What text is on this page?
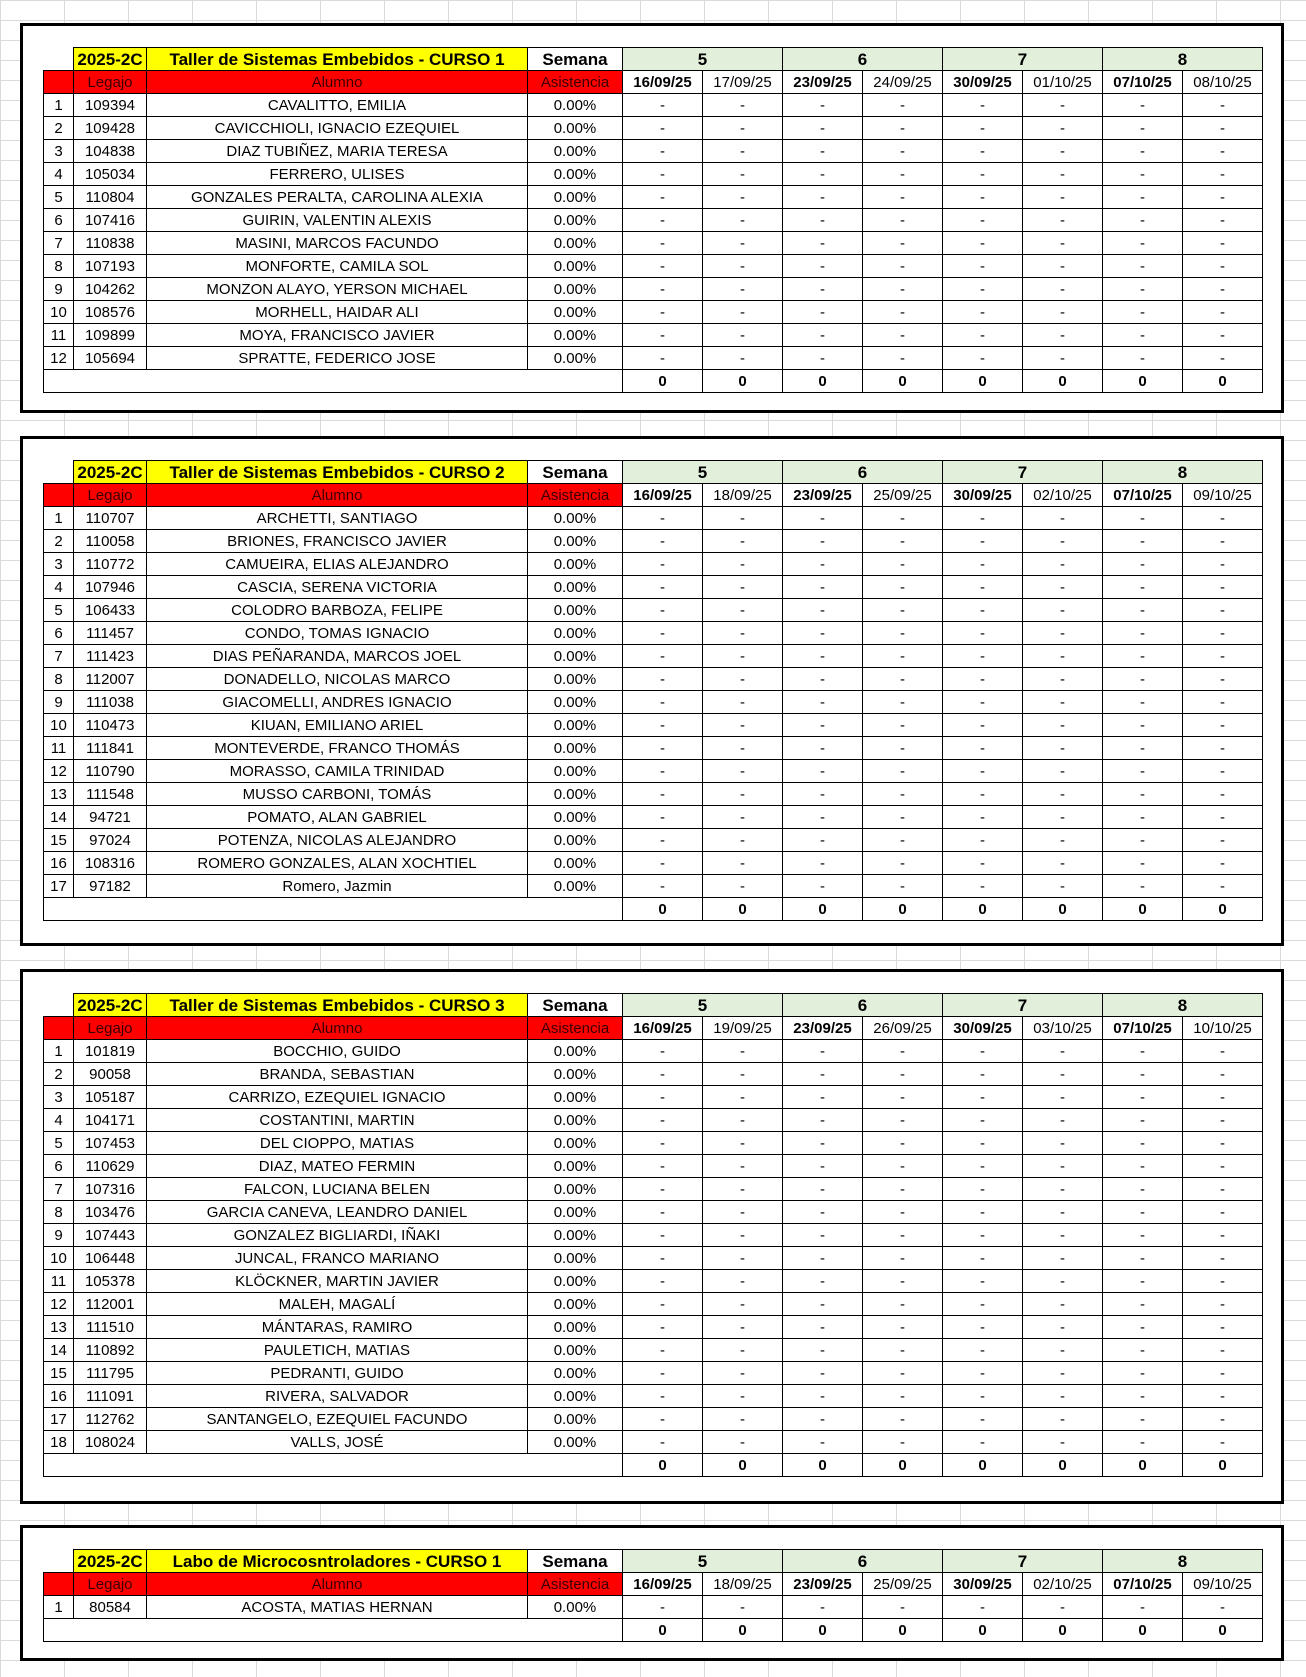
	2025-2C	Taller de Sistemas Embebidos - CURSO 1	Semana	5		6		7		8	
	Legajo	Alumno	Asistencia	16/09/25	17/09/25	23/09/25	24/09/25	30/09/25	01/10/25	07/10/25	08/10/25
1	109394	CAVALITTO, EMILIA	0.00%	-	-	-	-	-	-	-	-
2	109428	CAVICCHIOLI, IGNACIO EZEQUIEL	0.00%	-	-	-	-	-	-	-	-
3	104838	DIAZ TUBIÑEZ, MARIA TERESA	0.00%	-	-	-	-	-	-	-	-
4	105034	FERRERO, ULISES	0.00%	-	-	-	-	-	-	-	-
5	110804	GONZALES PERALTA, CAROLINA ALEXIA	0.00%	-	-	-	-	-	-	-	-
6	107416	GUIRIN, VALENTIN ALEXIS	0.00%	-	-	-	-	-	-	-	-
7	110838	MASINI, MARCOS FACUNDO	0.00%	-	-	-	-	-	-	-	-
8	107193	MONFORTE, CAMILA SOL	0.00%	-	-	-	-	-	-	-	-
9	104262	MONZON ALAYO, YERSON MICHAEL	0.00%	-	-	-	-	-	-	-	-
10	108576	MORHELL, HAIDAR ALI	0.00%	-	-	-	-	-	-	-	-
11	109899	MOYA, FRANCISCO JAVIER	0.00%	-	-	-	-	-	-	-	-
12	105694	SPRATTE, FEDERICO JOSE	0.00%	-	-	-	-	-	-	-	-
				0	0	0	0	0	0	0	0
	2025-2C	Taller de Sistemas Embebidos - CURSO 2	Semana	5		6		7		8	
	Legajo	Alumno	Asistencia	16/09/25	18/09/25	23/09/25	25/09/25	30/09/25	02/10/25	07/10/25	09/10/25
1	110707	ARCHETTI, SANTIAGO	0.00%	-	-	-	-	-	-	-	-
2	110058	BRIONES, FRANCISCO JAVIER	0.00%	-	-	-	-	-	-	-	-
3	110772	CAMUEIRA, ELIAS ALEJANDRO	0.00%	-	-	-	-	-	-	-	-
4	107946	CASCIA, SERENA VICTORIA	0.00%	-	-	-	-	-	-	-	-
5	106433	COLODRO BARBOZA, FELIPE	0.00%	-	-	-	-	-	-	-	-
6	111457	CONDO, TOMAS IGNACIO	0.00%	-	-	-	-	-	-	-	-
7	111423	DIAS PEÑARANDA, MARCOS JOEL	0.00%	-	-	-	-	-	-	-	-
8	112007	DONADELLO, NICOLAS MARCO	0.00%	-	-	-	-	-	-	-	-
9	111038	GIACOMELLI, ANDRES IGNACIO	0.00%	-	-	-	-	-	-	-	-
10	110473	KIUAN, EMILIANO ARIEL	0.00%	-	-	-	-	-	-	-	-
11	111841	MONTEVERDE, FRANCO THOMÁS	0.00%	-	-	-	-	-	-	-	-
12	110790	MORASSO, CAMILA TRINIDAD	0.00%	-	-	-	-	-	-	-	-
13	111548	MUSSO CARBONI, TOMÁS	0.00%	-	-	-	-	-	-	-	-
14	94721	POMATO, ALAN GABRIEL	0.00%	-	-	-	-	-	-	-	-
15	97024	POTENZA, NICOLAS ALEJANDRO	0.00%	-	-	-	-	-	-	-	-
16	108316	ROMERO GONZALES, ALAN XOCHTIEL	0.00%	-	-	-	-	-	-	-	-
17	97182	Romero, Jazmin	0.00%	-	-	-	-	-	-	-	-
				0	0	0	0	0	0	0	0
	2025-2C	Taller de Sistemas Embebidos - CURSO 3	Semana	5		6		7		8	
	Legajo	Alumno	Asistencia	16/09/25	19/09/25	23/09/25	26/09/25	30/09/25	03/10/25	07/10/25	10/10/25
1	101819	BOCCHIO, GUIDO	0.00%	-	-	-	-	-	-	-	-
2	90058	BRANDA, SEBASTIAN	0.00%	-	-	-	-	-	-	-	-
3	105187	CARRIZO, EZEQUIEL IGNACIO	0.00%	-	-	-	-	-	-	-	-
4	104171	COSTANTINI, MARTIN	0.00%	-	-	-	-	-	-	-	-
5	107453	DEL CIOPPO, MATIAS	0.00%	-	-	-	-	-	-	-	-
6	110629	DIAZ, MATEO FERMIN	0.00%	-	-	-	-	-	-	-	-
7	107316	FALCON, LUCIANA BELEN	0.00%	-	-	-	-	-	-	-	-
8	103476	GARCIA CANEVA, LEANDRO DANIEL	0.00%	-	-	-	-	-	-	-	-
9	107443	GONZALEZ BIGLIARDI, IÑAKI	0.00%	-	-	-	-	-	-	-	-
10	106448	JUNCAL, FRANCO MARIANO	0.00%	-	-	-	-	-	-	-	-
11	105378	KLÖCKNER, MARTIN JAVIER	0.00%	-	-	-	-	-	-	-	-
12	112001	MALEH, MAGALÍ	0.00%	-	-	-	-	-	-	-	-
13	111510	MÁNTARAS, RAMIRO	0.00%	-	-	-	-	-	-	-	-
14	110892	PAULETICH, MATIAS	0.00%	-	-	-	-	-	-	-	-
15	111795	PEDRANTI, GUIDO	0.00%	-	-	-	-	-	-	-	-
16	111091	RIVERA, SALVADOR	0.00%	-	-	-	-	-	-	-	-
17	112762	SANTANGELO, EZEQUIEL FACUNDO	0.00%	-	-	-	-	-	-	-	-
18	108024	VALLS, JOSÉ	0.00%	-	-	-	-	-	-	-	-
				0	0	0	0	0	0	0	0
	2025-2C	Labo de Microcosntroladores - CURSO 1	Semana	5		6		7		8	
	Legajo	Alumno	Asistencia	16/09/25	18/09/25	23/09/25	25/09/25	30/09/25	02/10/25	07/10/25	09/10/25
1	80584	ACOSTA, MATIAS HERNAN	0.00%	-	-	-	-	-	-	-	-
				0	0	0	0	0	0	0	0
